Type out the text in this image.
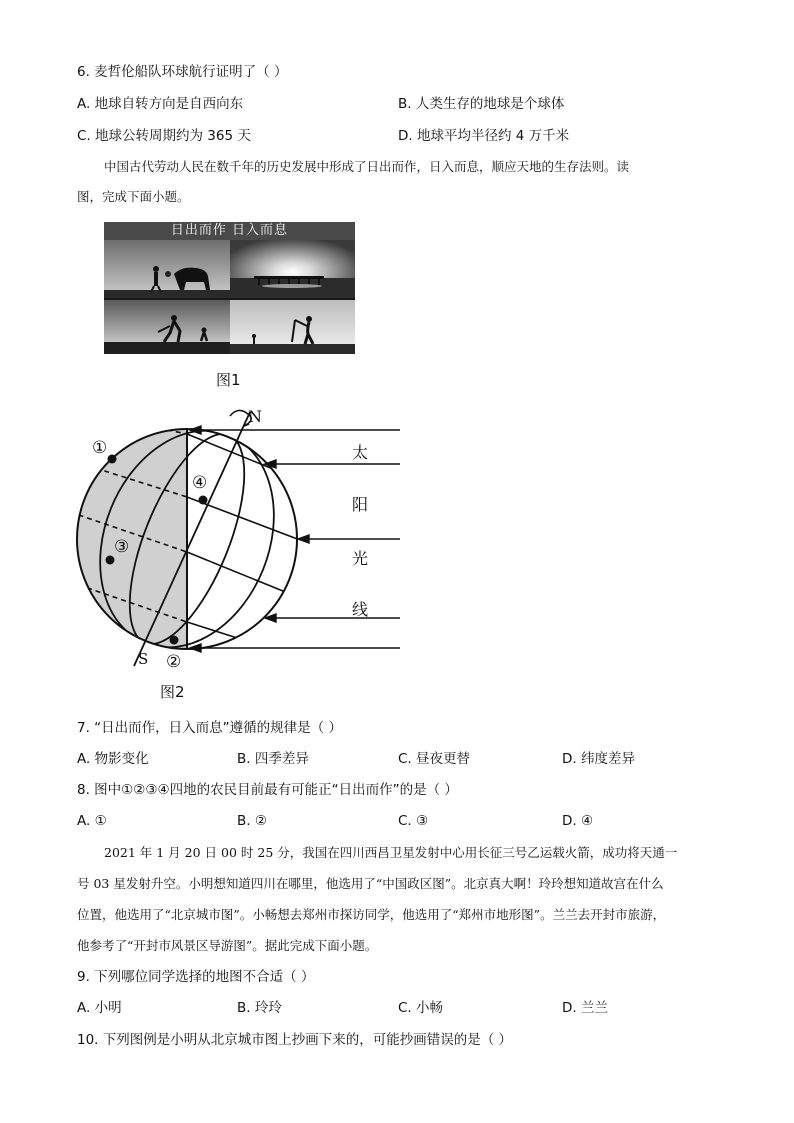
6. 麦哲伦船队环球航行证明了（ ）
A. 地球自转方向是自西向东	B. 人类生存的地球是个球体
C. 地球公转周期约为 365 天	D. 地球平均半径约 4 万千米
中国古代劳动人民在数千年的历史发展中形成了日出而作，日入而息，顺应天地的生存法则。读
图，完成下面小题。
日出而作 日入而息
图1
N
S
①
②
③
④
太
阳
光
线
图2
7. “日出而作，日入而息”遵循的规律是（ ）
A. 物影变化	B. 四季差异	C. 昼夜更替	D. 纬度差异
8. 图中①②③④四地的农民目前最有可能正“日出而作”的是（ ）
A. ①	B. ②	C. ③	D. ④
2021 年 1 月 20 日 00 时 25 分，我国在四川西昌卫星发射中心用长征三号乙运载火箭，成功将天通一
号 03 星发射升空。小明想知道四川在哪里，他选用了“中国政区图”。北京真大啊！玲玲想知道故宫在什么
位置，他选用了“北京城市图”。小畅想去郑州市探访同学，他选用了“郑州市地形图”。兰兰去开封市旅游，
他参考了“开封市风景区导游图”。据此完成下面小题。
9. 下列哪位同学选择的地图不合适（ ）
A. 小明	B. 玲玲	C. 小畅	D. 兰兰
10. 下列图例是小明从北京城市图上抄画下来的，可能抄画错误的是（ ）
